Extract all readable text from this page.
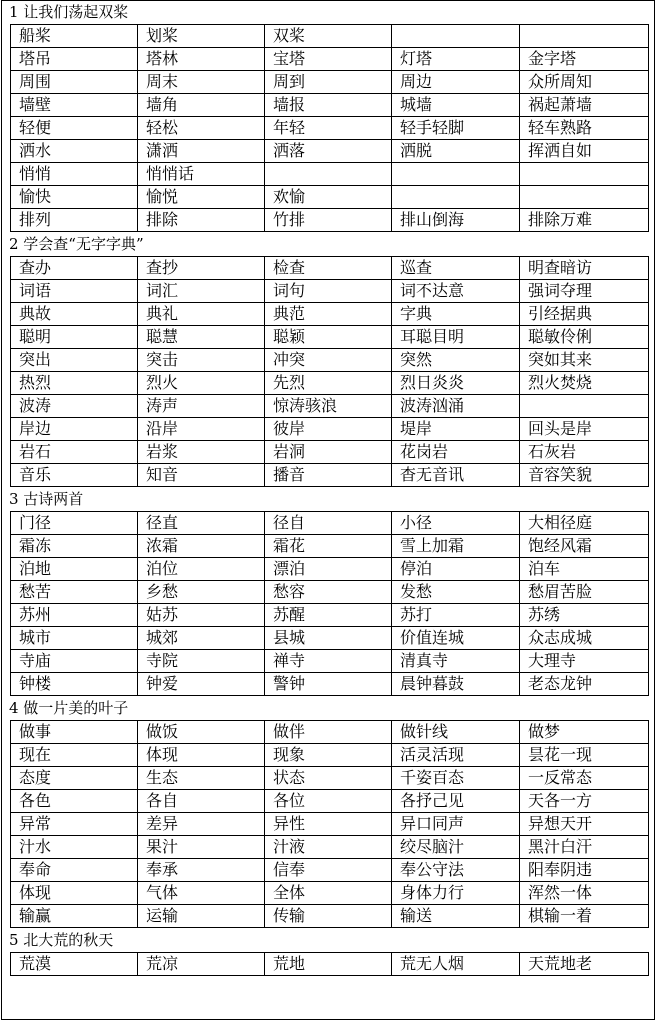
1 让我们荡起双桨
船桨	划桨	双桨		
塔吊	塔林	宝塔	灯塔	金字塔
周围	周末	周到	周边	众所周知
墙壁	墙角	墙报	城墙	祸起萧墙
轻便	轻松	年轻	轻手轻脚	轻车熟路
洒水	潇洒	洒落	洒脱	挥洒自如
悄悄	悄悄话			
愉快	愉悦	欢愉		
排列	排除	竹排	排山倒海	排除万难
2 学会查“无字字典”
查办	查抄	检查	巡查	明查暗访
词语	词汇	词句	词不达意	强词夺理
典故	典礼	典范	字典	引经据典
聪明	聪慧	聪颖	耳聪目明	聪敏伶俐
突出	突击	冲突	突然	突如其来
热烈	烈火	先烈	烈日炎炎	烈火焚烧
波涛	涛声	惊涛骇浪	波涛汹涌	
岸边	沿岸	彼岸	堤岸	回头是岸
岩石	岩浆	岩洞	花岗岩	石灰岩
音乐	知音	播音	杳无音讯	音容笑貌
3 古诗两首
门径	径直	径自	小径	大相径庭
霜冻	浓霜	霜花	雪上加霜	饱经风霜
泊地	泊位	漂泊	停泊	泊车
愁苦	乡愁	愁容	发愁	愁眉苦脸
苏州	姑苏	苏醒	苏打	苏绣
城市	城郊	县城	价值连城	众志成城
寺庙	寺院	禅寺	清真寺	大理寺
钟楼	钟爱	警钟	晨钟暮鼓	老态龙钟
4 做一片美的叶子
做事	做饭	做伴	做针线	做梦
现在	体现	现象	活灵活现	昙花一现
态度	生态	状态	千姿百态	一反常态
各色	各自	各位	各抒己见	天各一方
异常	差异	异性	异口同声	异想天开
汁水	果汁	汁液	绞尽脑汁	黑汁白汗
奉命	奉承	信奉	奉公守法	阳奉阴违
体现	气体	全体	身体力行	浑然一体
输赢	运输	传输	输送	棋输一着
5 北大荒的秋天
荒漠	荒凉	荒地	荒无人烟	天荒地老
